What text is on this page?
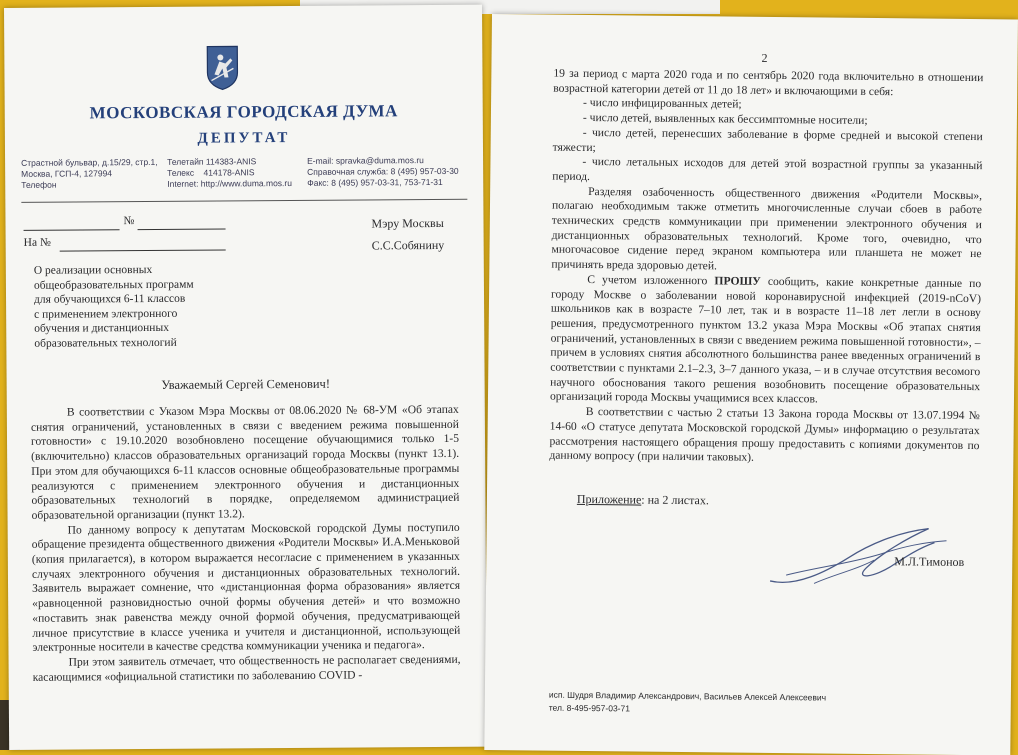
МОСКОВСКАЯ ГОРОДСКАЯ ДУМА
ДЕПУТАТ
Страстной бульвар, д.15/29, стр.1,
Москва, ГСП-4, 127994
Телефон
Телетайп 114383-ANIS
Телекс    414178-ANIS
Internet: http://www.duma.mos.ru
E-mail: spravka@duma.mos.ru
Справочная служба: 8 (495) 957-03-30
Факс: 8 (495) 957-03-31, 753-71-31
№
На №
Мэру Москвы
С.С.Собянину
О реализации основных
общеобразовательных программ
для обучающихся 6-11 классов
с применением электронного
обучения и дистанционных
образовательных технологий
Уважаемый Сергей Семенович!

В соответствии с Указом Мэра Москвы от 08.06.2020 № 68-УМ «Об этапах снятия ограничений, установленных в связи с введением режима повышенной готовности» с 19.10.2020 возобновлено посещение обучающимися только 1-5 (включительно) классов образовательных организаций города Москвы (пункт 13.1). При этом для обучающихся 6-11 классов основные общеобразовательные программы реализуются с применением электронного обучения и дистанционных образовательных технологий в порядке, определяемом администрацией образовательной организации (пункт 13.2).

По данному вопросу к депутатам Московской городской Думы поступило обращение президента общественного движения «Родители Москвы» И.А.Меньковой (копия прилагается), в котором выражается несогласие с применением в указанных случаях электронного обучения и дистанционных образовательных технологий. Заявитель выражает сомнение, что «дистанционная форма образования» является «равноценной разновидностью очной формы обучения детей» и что возможно «поставить знак равенства между очной формой обучения, предусматривающей личное присутствие в классе ученика и учителя и дистанционной, использующей электронные носители в качестве средства коммуникации ученика и педагога».

При этом заявитель отмечает, что общественность не располагает сведениями, касающимися «официальной статистики по заболеванию COVID -

2

19 за период с марта 2020 года и по сентябрь 2020 года включительно в отношении возрастной категории детей от 11 до 18 лет» и включающими в себя:

- число инфицированных детей;

- число детей, выявленных как бессимптомные носители;

- число детей, перенесших заболевание в форме средней и высокой степени тяжести;

- число летальных исходов для детей этой возрастной группы за указанный период.

Разделяя озабоченность общественного движения «Родители Москвы», полагаю необходимым также отметить многочисленные случаи сбоев в работе технических средств коммуникации при применении электронного обучения и дистанционных образовательных технологий. Кроме того, очевидно, что многочасовое сидение перед экраном компьютера или планшета не может не причинять вреда здоровью детей.

С учетом изложенного ПРОШУ сообщить, какие конкретные данные по городу Москве о заболевании новой коронавирусной инфекцией (2019-nCoV) школьников как в возрасте 7–10 лет, так и в возрасте 11–18 лет легли в основу решения, предусмотренного пунктом 13.2 указа Мэра Москвы «Об этапах снятия ограничений, установленных в связи с введением режима повышенной готовности», – причем в условиях снятия абсолютного большинства ранее введенных ограничений в соответствии с пунктами 2.1–2.3, 3–7 данного указа, – и в случае отсутствия весомого научного обоснования такого решения возобновить посещение образовательных организаций города Москвы учащимися всех классов.

В соответствии с частью 2 статьи 13 Закона города Москвы от 13.07.1994 № 14-60 «О статусе депутата Московской городской Думы» информацию о результатах рассмотрения настоящего обращения прошу предоставить с копиями документов по данному вопросу (при наличии таковых).

Приложение: на 2 листах.
М.Л.Тимонов
исп. Шудря Владимир Александрович, Васильев Алексей Алексеевич
тел. 8-495-957-03-71
